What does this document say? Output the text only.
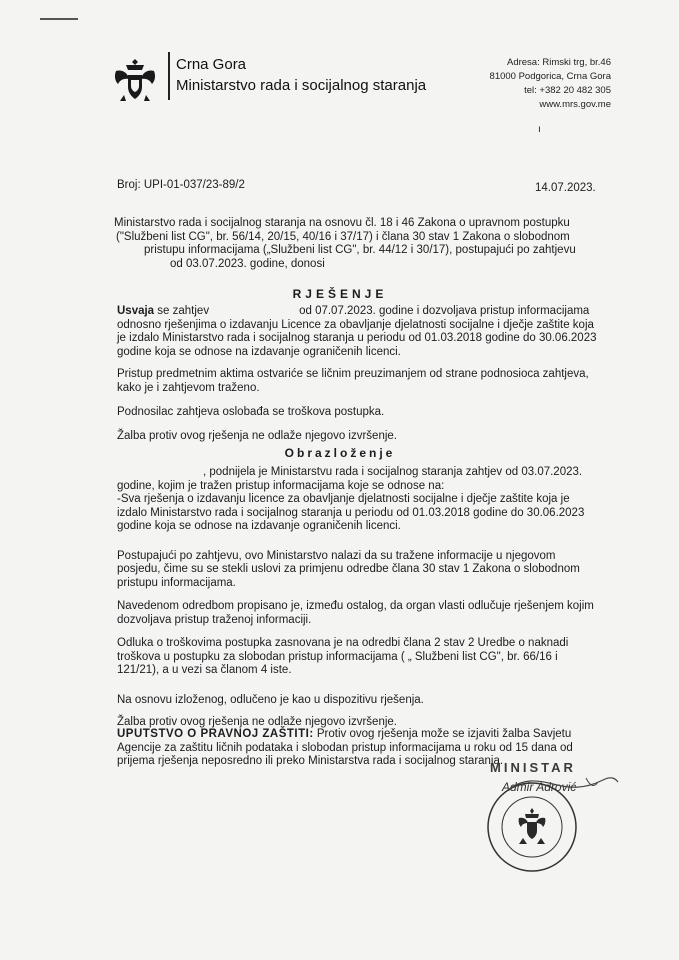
Crna Gora
Ministarstvo rada i socijalnog staranja
Adresa: Rimski trg, br.46
81000 Podgorica, Crna Gora
tel: +382 20 482 305
www.mrs.gov.me
ı
Broj: UPI-01-037/23-89/2	14.07.2023.

Ministarstvo rada i socijalnog staranja na osnovu čl. 18 i 46 Zakona o upravnom postupku

("Službeni list CG", br. 56/14, 20/15, 40/16 i 37/17) i člana 30 stav 1 Zakona o slobodnom

pristupu informacijama („Službeni list CG", br. 44/12 i 30/17), postupajući po zahtjevu

od 03.07.2023. godine, donosi

RJEŠENJE

Usvaja se zahtjev	od 07.07.2023. godine i dozvoljava pristup informacijama

odnosno rješenjima o izdavanju Licence za obavljanje djelatnosti socijalne i dječje zaštite koja

je izdalo Ministarstvo rada i socijalnog staranja u periodu od 01.03.2018 godine do 30.06.2023

godine koja se odnose na izdavanje ograničenih licenci.

Pristup predmetnim aktima ostvariće se ličnim preuzimanjem od strane podnosioca zahtjeva,

kako je i zahtjevom traženo.

Podnosilac zahtjeva oslobađa se troškova postupka.

Žalba protiv ovog rješenja ne odlaže njegovo izvršenje.

Obrazloženje

, podnijela je Ministarstvu rada i socijalnog staranja zahtjev od 03.07.2023.

godine, kojim je tražen pristup informacijama koje se odnose na:

-Sva rješenja o izdavanju licence za obavljanje djelatnosti socijalne i dječje zaštite koja je

izdalo Ministarstvo rada i socijalnog staranja u periodu od 01.03.2018 godine do 30.06.2023

godine koja se odnose na izdavanje ograničenih licenci.

Postupajući po zahtjevu, ovo Ministarstvo nalazi da su tražene informacije u njegovom

posjedu, čime su se stekli uslovi za primjenu odredbe člana 30 stav 1 Zakona o slobodnom

pristupu informacijama.

Navedenom odredbom propisano je, između ostalog, da organ vlasti odlučuje rješenjem kojim

dozvoljava pristup traženoj informaciji.

Odluka o troškovima postupka zasnovana je na odredbi člana 2 stav 2 Uredbe o naknadi

troškova u postupku za slobodan pristup informacijama ( „ Službeni list CG", br. 66/16 i

121/21), a u vezi sa članom 4 iste.

Na osnovu izloženog, odlučeno je kao u dispozitivu rješenja.

Žalba protiv ovog rješenja ne odlaže njegovo izvršenje.

UPUTSTVO O PRAVNOJ ZAŠTITI: Protiv ovog rješenja može se izjaviti žalba Savjetu

Agencije za zaštitu ličnih podataka i slobodan pristup informacijama u roku od 15 dana od

prijema rješenja neposredno ili preko Ministarstva rada i socijalnog staranja.

MINISTAR
Admir Adrović
